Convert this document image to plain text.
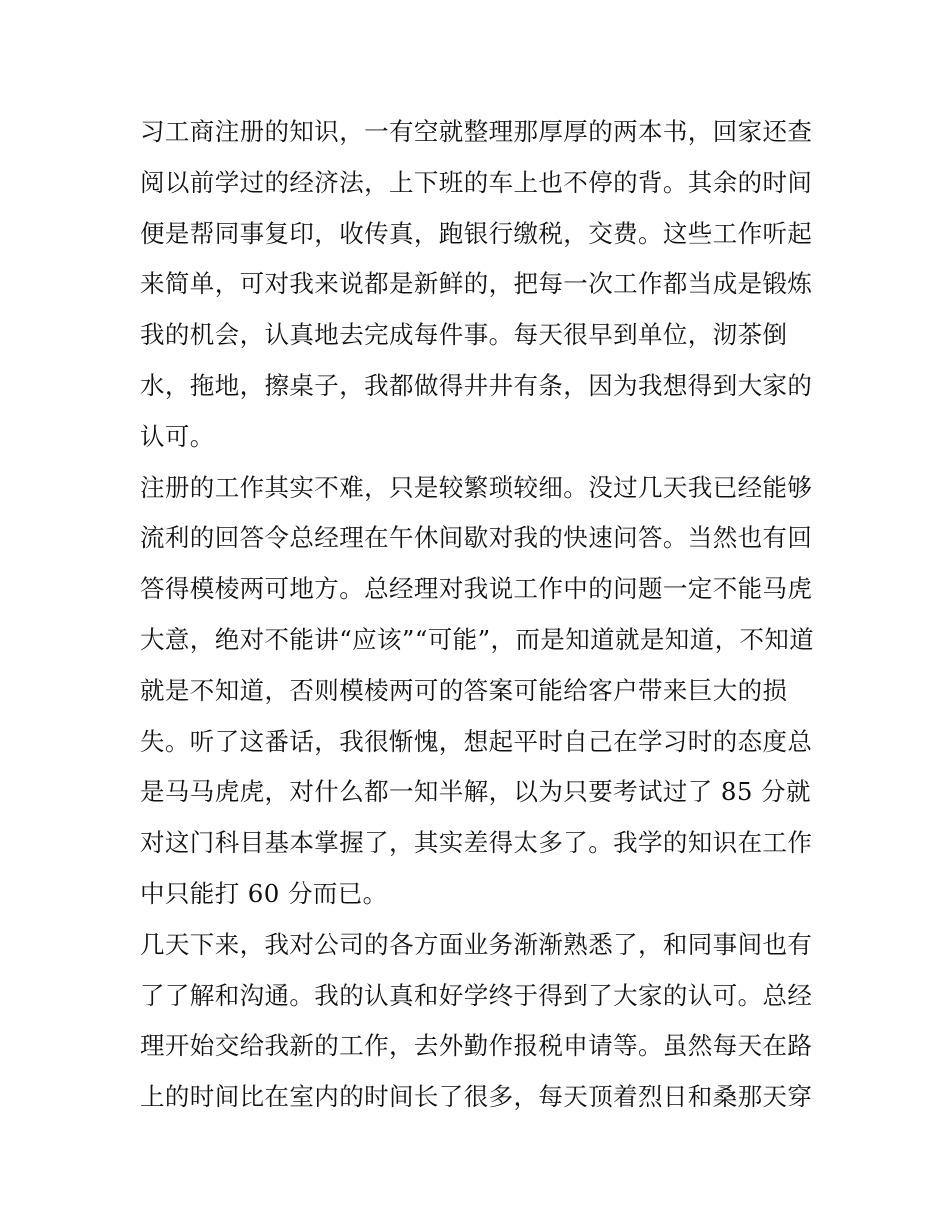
习工商注册的知识，一有空就整理那厚厚的两本书，回家还查
阅以前学过的经济法，上下班的车上也不停的背。其余的时间
便是帮同事复印，收传真，跑银行缴税，交费。这些工作听起
来简单，可对我来说都是新鲜的，把每一次工作都当成是锻炼
我的机会，认真地去完成每件事。每天很早到单位，沏茶倒
水，拖地，擦桌子，我都做得井井有条，因为我想得到大家的
认可。
注册的工作其实不难，只是较繁琐较细。没过几天我已经能够
流利的回答令总经理在午休间歇对我的快速问答。当然也有回
答得模棱两可地方。总经理对我说工作中的问题一定不能马虎
大意，绝对不能讲“应该”“可能”，而是知道就是知道，不知道
就是不知道，否则模棱两可的答案可能给客户带来巨大的损
失。听了这番话，我很惭愧，想起平时自己在学习时的态度总
是马马虎虎，对什么都一知半解，以为只要考试过了 85 分就
对这门科目基本掌握了，其实差得太多了。我学的知识在工作
中只能打 60 分而已。
几天下来，我对公司的各方面业务渐渐熟悉了，和同事间也有
了了解和沟通。我的认真和好学终于得到了大家的认可。总经
理开始交给我新的工作，去外勤作报税申请等。虽然每天在路
上的时间比在室内的时间长了很多，每天顶着烈日和桑那天穿
